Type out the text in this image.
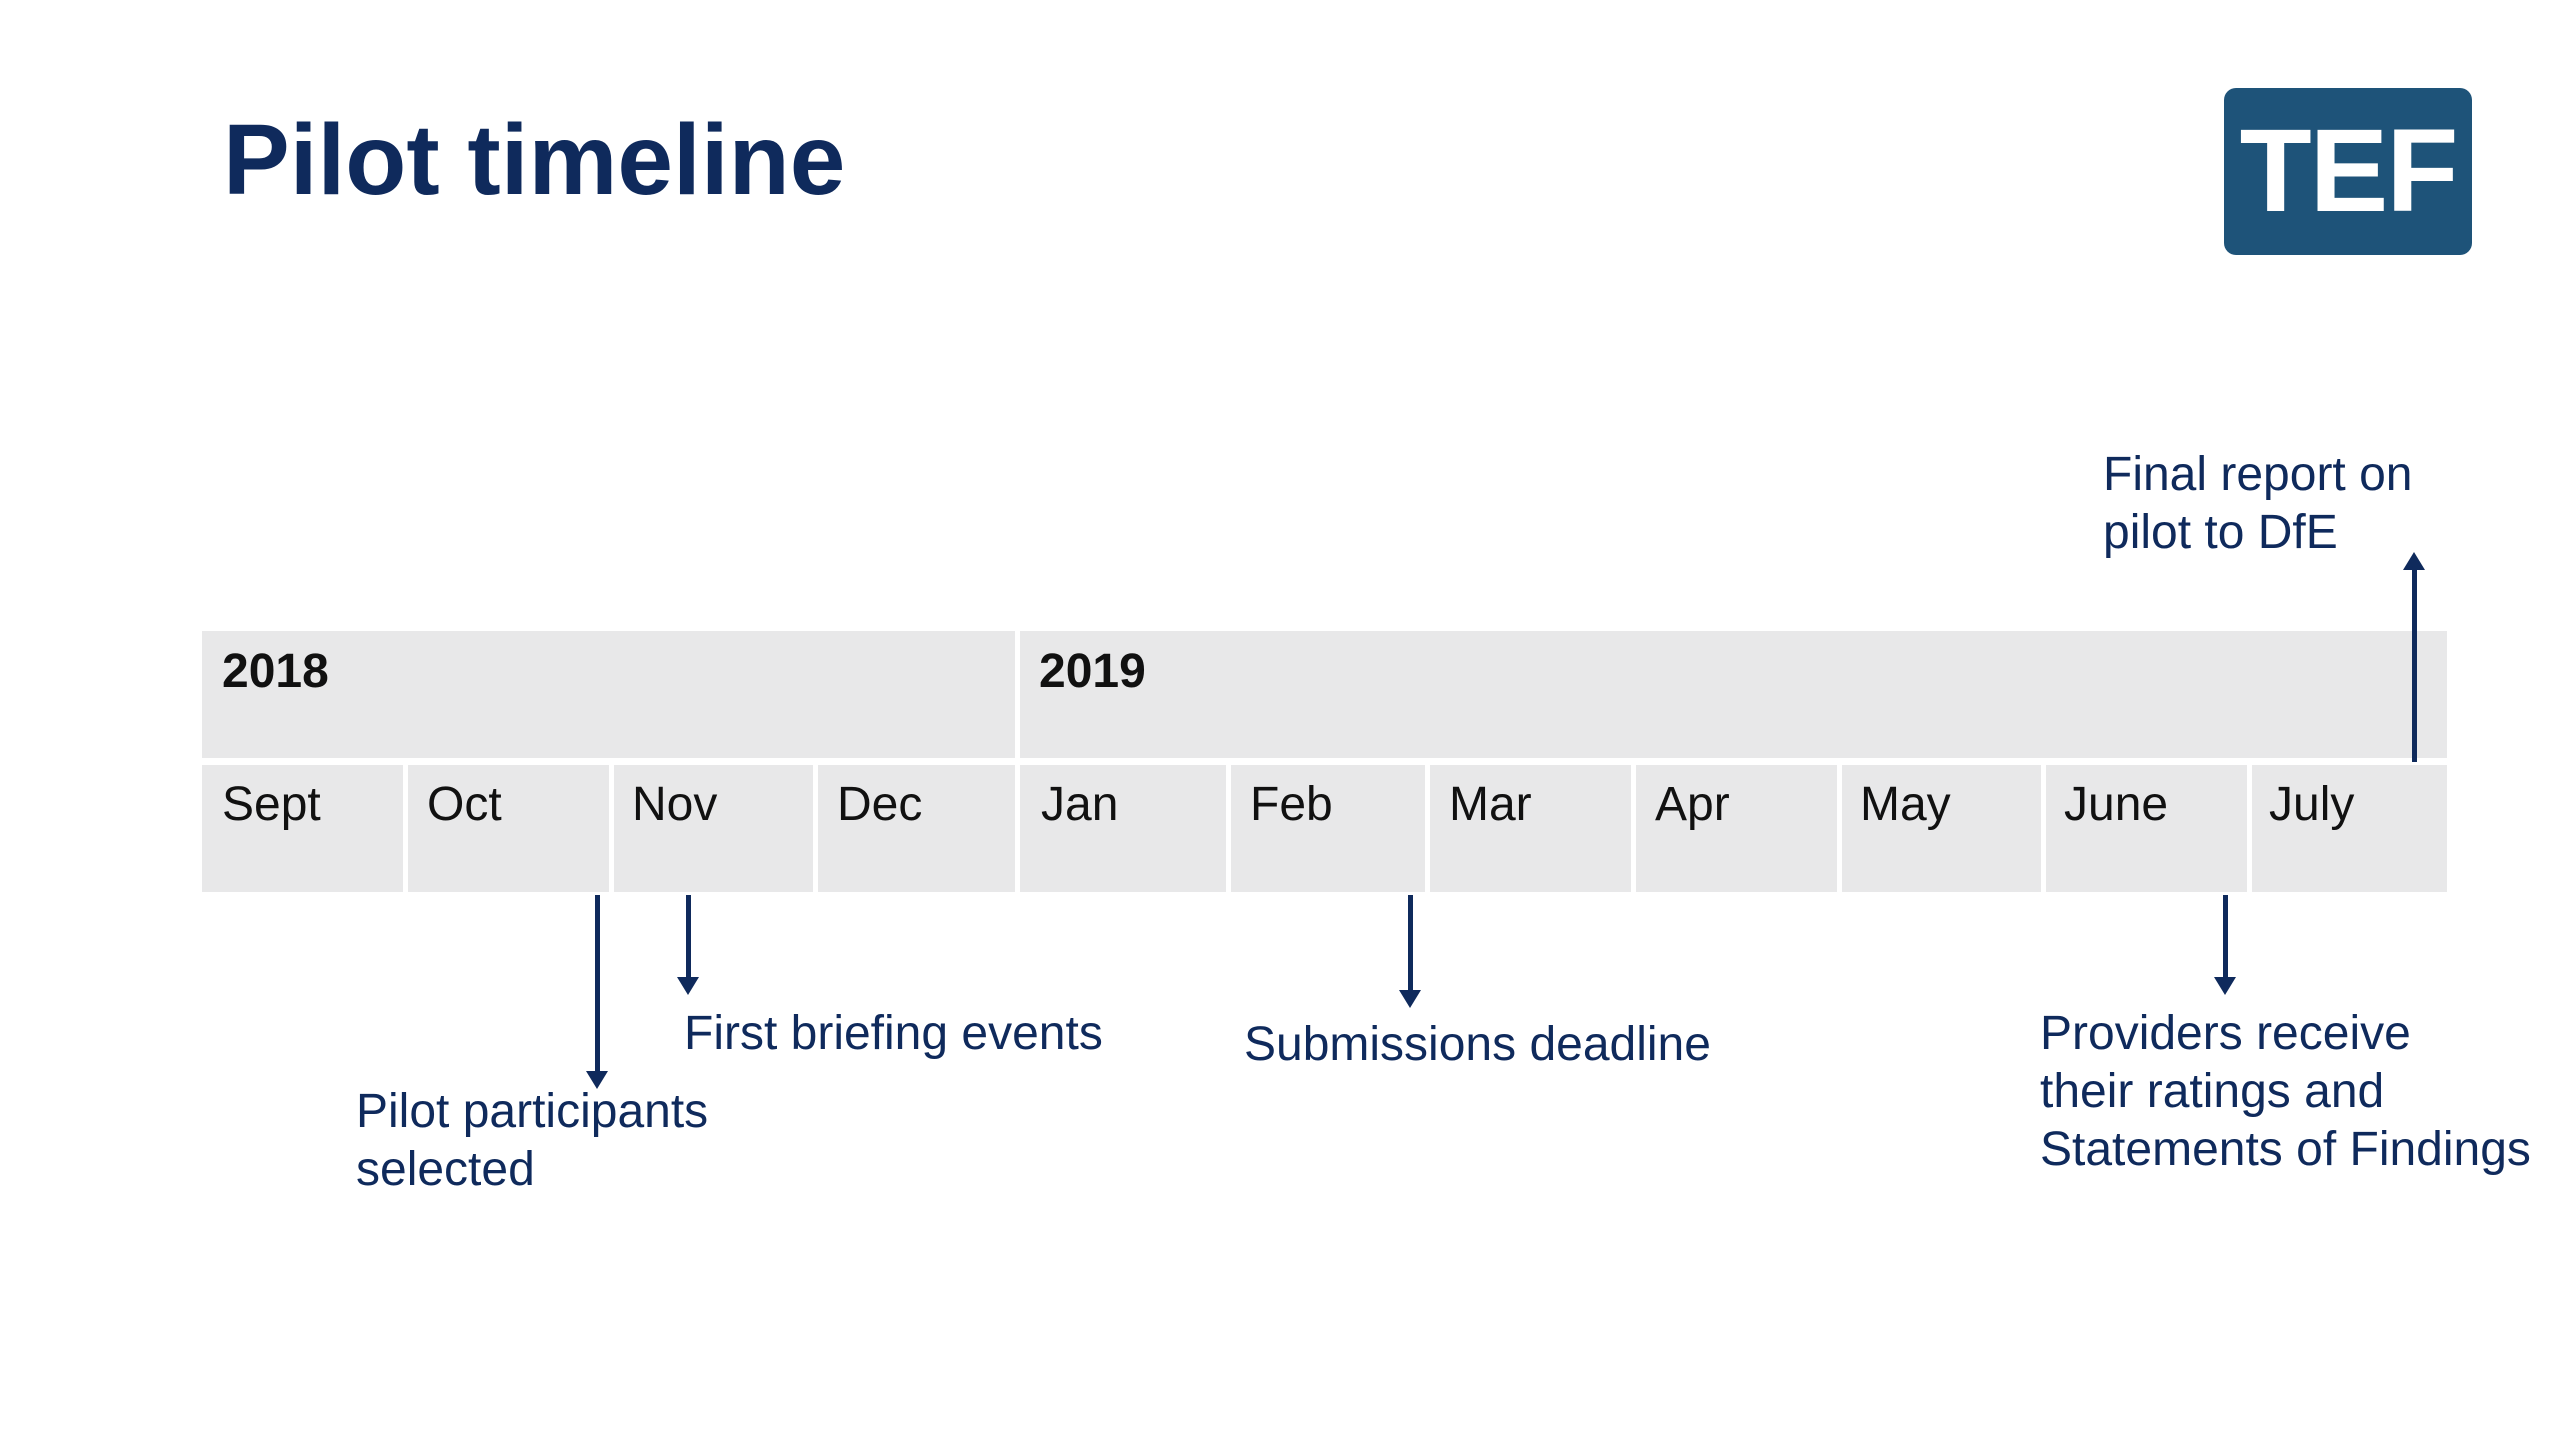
Pilot timeline	TEF
2018	2019
Sept Oct	Nov Dec Jan	Feb Mar	Apr	May June July
Pilot participants
selected
First briefing events	Submissions deadline	Providers receive
their ratings and
Statements of Findings
Final report on
pilot to DfE
